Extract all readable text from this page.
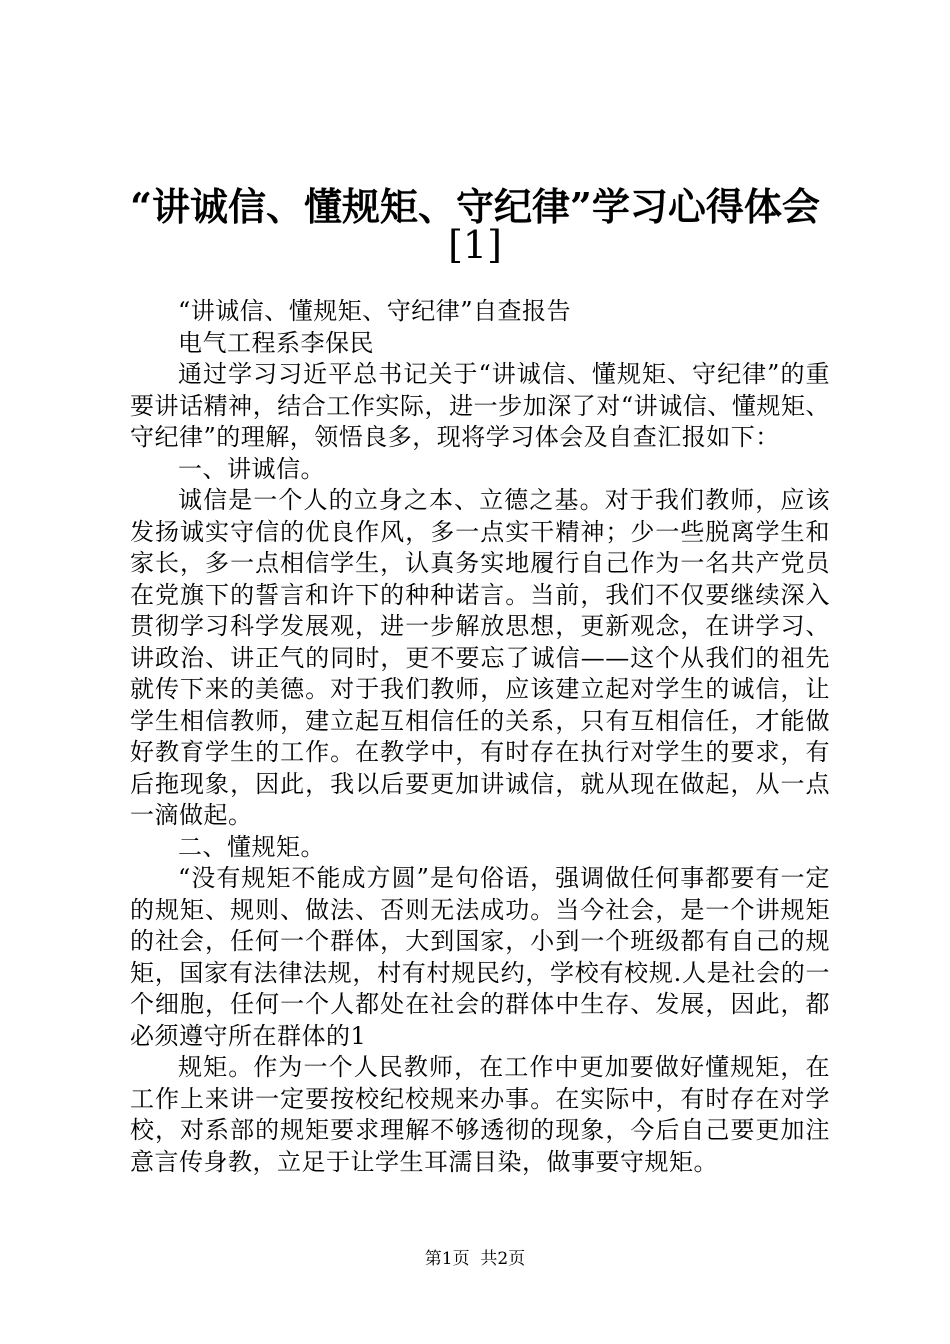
“讲诚信、懂规矩、守纪律”学习心得体会
[1]

“讲诚信、懂规矩、守纪律”自查报告

电气工程系李保民

通过学习习近平总书记关于“讲诚信、懂规矩、守纪律”的重要讲话精神，结合工作实际，进一步加深了对“讲诚信、懂规矩、守纪律”的理解，领悟良多，现将学习体会及自查汇报如下：

一、讲诚信。

诚信是一个人的立身之本、立德之基。对于我们教师，应该发扬诚实守信的优良作风，多一点实干精神；少一些脱离学生和家长，多一点相信学生，认真务实地履行自己作为一名共产党员在党旗下的誓言和许下的种种诺言。当前，我们不仅要继续深入贯彻学习科学发展观，进一步解放思想，更新观念，在讲学习、讲政治、讲正气的同时，更不要忘了诚信——这个从我们的祖先就传下来的美德。对于我们教师，应该建立起对学生的诚信，让学生相信教师，建立起互相信任的关系，只有互相信任，才能做好教育学生的工作。在教学中，有时存在执行对学生的要求，有后拖现象，因此，我以后要更加讲诚信，就从现在做起，从一点一滴做起。

二、懂规矩。

“没有规矩不能成方圆”是句俗语，强调做任何事都要有一定的规矩、规则、做法、否则无法成功。当今社会，是一个讲规矩的社会，任何一个群体，大到国家，小到一个班级都有自己的规矩，国家有法律法规，村有村规民约，学校有校规.人是社会的一个细胞，任何一个人都处在社会的群体中生存、发展，因此，都必须遵守所在群体的1

规矩。作为一个人民教师，在工作中更加要做好懂规矩，在工作上来讲一定要按校纪校规来办事。在实际中，有时存在对学校，对系部的规矩要求理解不够透彻的现象，今后自己要更加注意言传身教，立足于让学生耳濡目染，做事要守规矩。

第1页  共2页
